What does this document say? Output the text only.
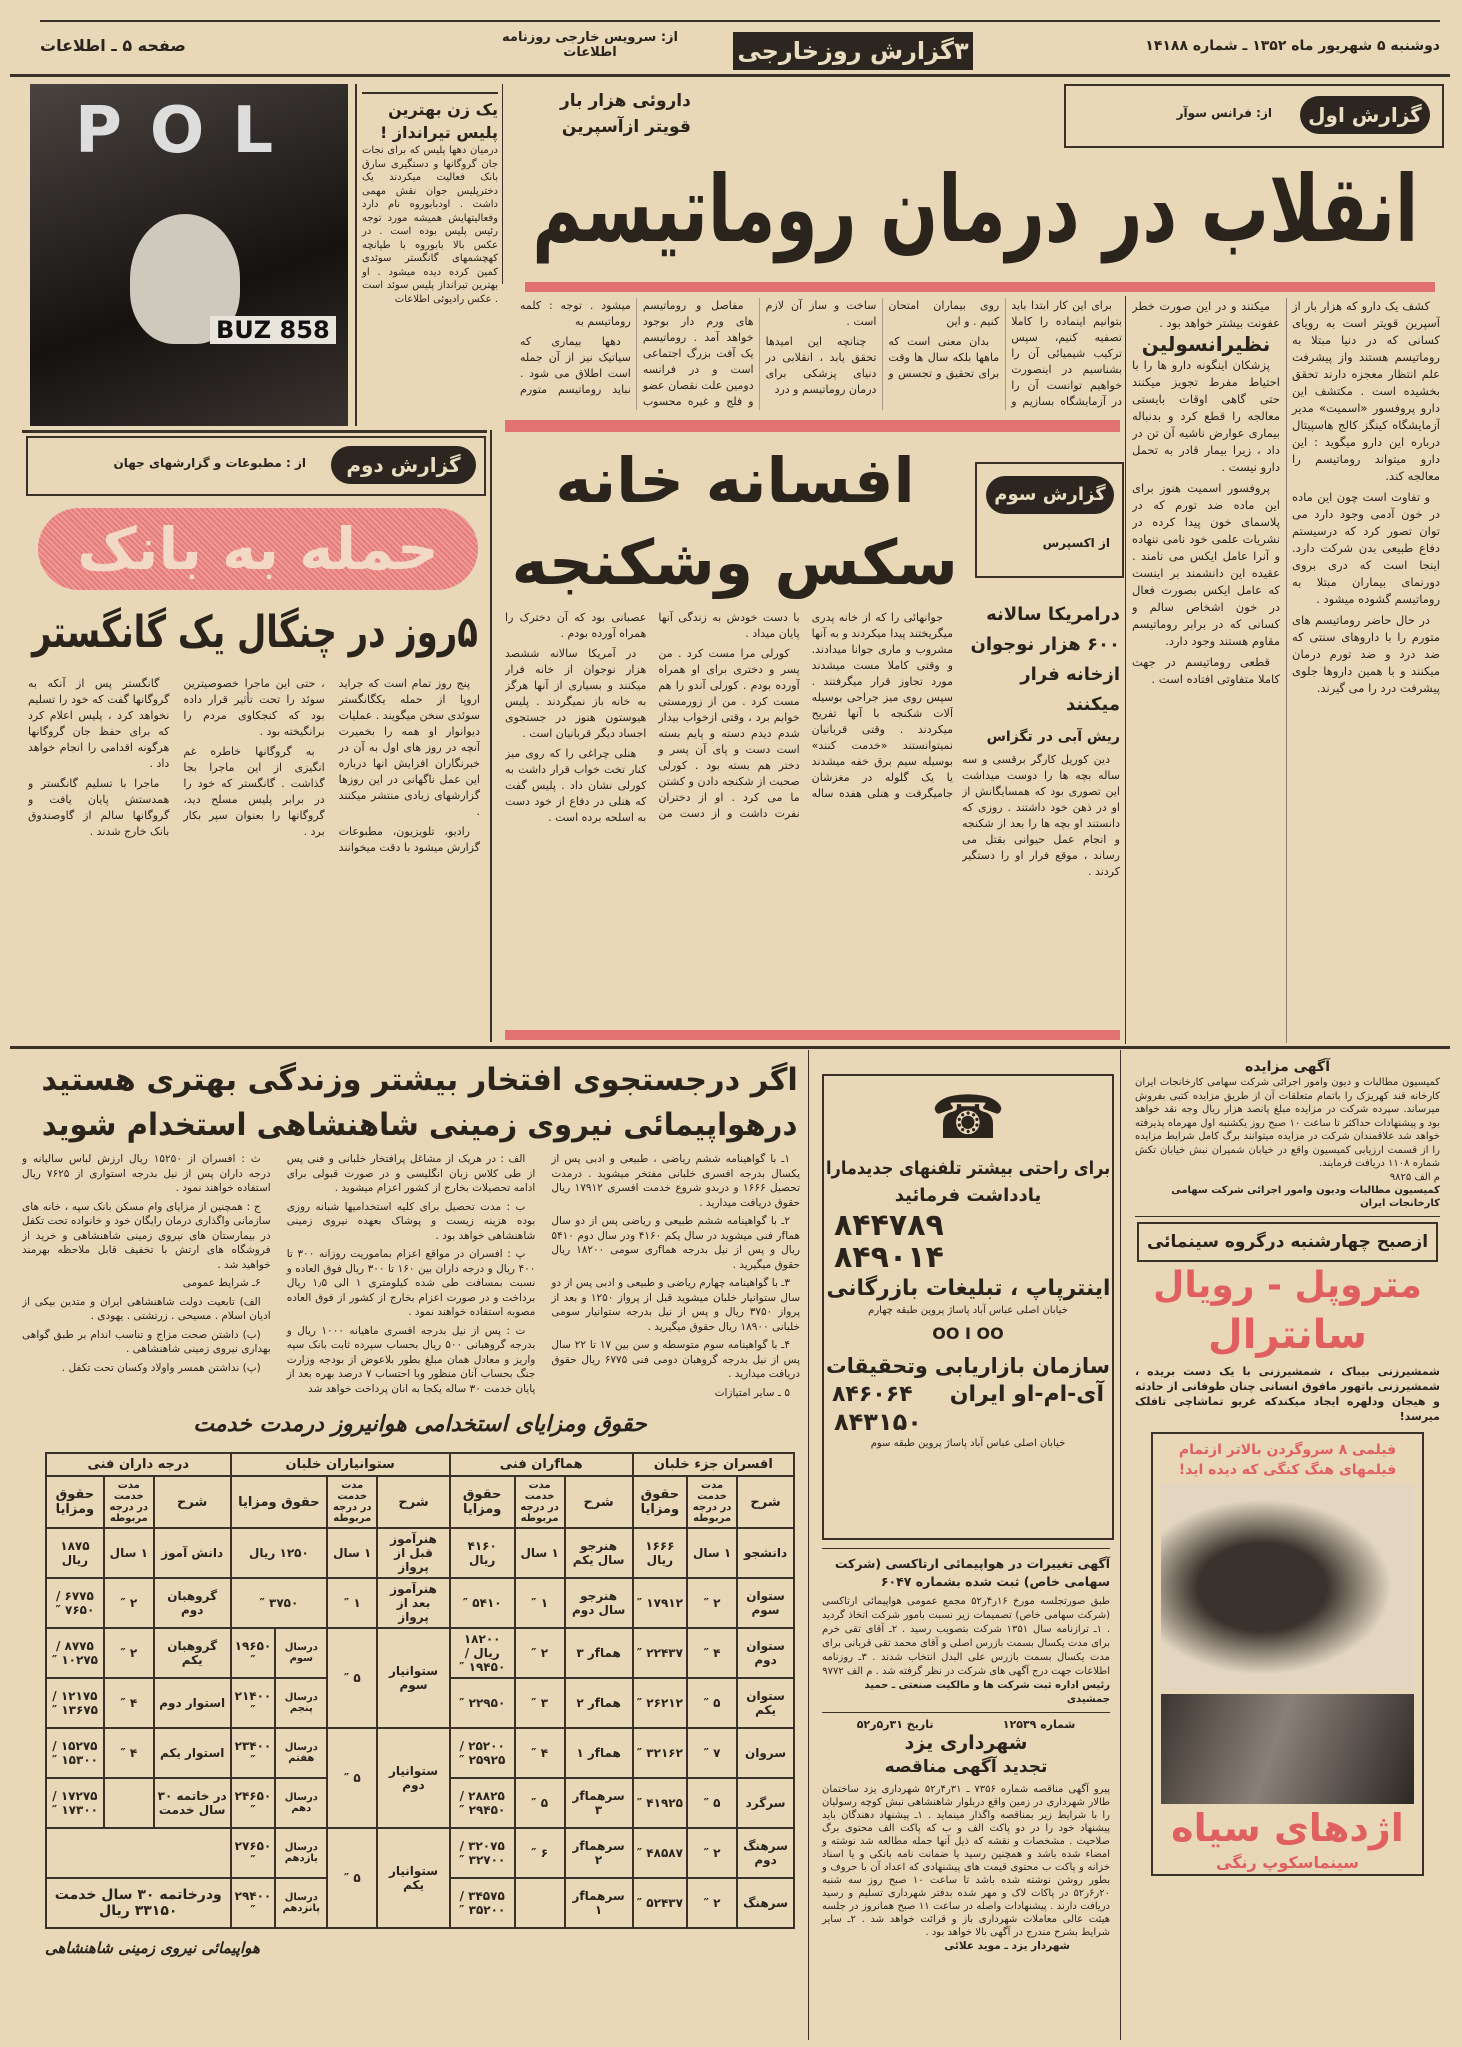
دوشنبه ۵ شهریور ماه ۱۳۵۲ ـ شماره ۱۴۱۸۸
۳گزارش روزخارجی
از: سرویس خارجی روزنامه
اطلاعات
صفحه ۵ ـ اطلاعات
POL
BUZ 858
یک زن بهترین پلیس تیرانداز !
درمیان دهها پلیس که برای نجات جان گروگانها و دستگیری سارق بانک فعالیت میکردند یک دخترپلیس جوان نقش مهمی داشت . اودبابوروه نام دارد وفعالیتهایش همیشه مورد توجه رئیس پلیس بوده است . در عکس بالا بابوروه با طپانچه کهچشمهای گانگستر سوئدی کمین کرده دیده میشود . او بهترین تیرانداز پلیس سوئد است . عکس رادیوئی اطلاعات
داروئی هزار بار
قویتر ازآسپرین	گزارش اول
از: فرانس سوآر
انقلاب در درمان روماتیسم

برای این کار ابتدا باید بتوانیم اینماده را کاملا تصفیه کنیم، سپس ترکیب شیمیائی آن را بشناسیم در اینصورت خواهیم توانست آن را در آزمایشگاه بسازیم و روی بیماران امتحان کنیم . و این

بدان معنی است که ماهها بلکه سال ها وقت برای تحقیق و تجسس و ساخت و ساز آن لازم است .

چنانچه این امیدها تحقق یابد ، انقلابی در دنیای پزشکی برای درمان روماتیسم و درد

مفاصل و روماتیسم های ورم دار بوجود خواهد آمد . روماتیسم یک آفت بزرگ اجتماعی است و در فرانسه دومین علت نقصان عضو و فلج و غیره محسوب میشود . توجه : کلمه روماتیسم به

دهها بیماری که سیاتیک نیز از آن جمله است اطلاق می شود . نباید روماتیسم متورم

کشف یک دارو که هزار بار از آسپرین قویتر است به رویای کسانی که در دنیا مبتلا به روماتیسم هستند واز پیشرفت علم انتظار معجزه دارند تحقق بخشیده است . مکتشف این دارو پروفسور «اسمیت» مدیر آزمایشگاه کینگز کالج هاسپیتال درباره این دارو میگوید : این دارو میتواند روماتیسم را معالجه کند.

و تفاوت است چون این ماده در خون آدمی وجود دارد می توان تصور کرد که درسیستم دفاع طبیعی بدن شرکت دارد. اینجا است که دری بروی دورنمای بیماران مبتلا به روماتیسم گشوده میشود .

در حال حاضر روماتیسم های متورم را با داروهای سنتی که ضد درد و ضد تورم درمان میکنند و با همین داروها جلوی پیشرفت درد را می گیرند.

میکنند و در این صورت خطر عفونت بیشتر خواهد بود .

نظیرانسولین

پزشکان اینگونه دارو ها را با احتیاط مفرط تجویز میکنند حتی گاهی اوقات بایستی معالجه را قطع کرد و بدنباله بیماری عوارض ناشیه آن تن در داد ، زیرا بیمار قادر به تحمل دارو نیست .

پروفسور اسمیت هنوز برای این ماده ضد تورم که در پلاسمای خون پیدا کرده در نشریات علمی خود نامی ننهاده و آنرا عامل ایکس می نامند . عقیده این دانشمند بر اینست که عامل ایکس بصورت فعال در خون اشخاص سالم و کسانی که در برابر روماتیسم مقاوم هستند وجود دارد.

قطعی روماتیسم در جهت کاملا متفاوتی افتاده است .

گزارش دوم
از : مطبوعات و گزارشهای جهان
حمله به بانک
۵روز در چنگال یک گانگستر

پنج روز تمام است که جراید اروپا از حمله یکگانگستر سوئدی سخن میگویند . عملیات دیوانوار او همه را بخمیرت آنچه در روز های اول به آن در خبرنگاران افزایش انها درباره این عمل ناگهانی در این روزها گزارشهای زیادی منتشر میکنند .

رادیو، تلویزیون، مطبوعات گزارش میشود با دقت میخوانند ، حتی این ماجرا خصوصیترین سوئد را تحت تأثیر قرار داده بود که کنجکاوی مردم را برانگیخته بود .

به گروگانها خاطره غم انگیزی از این ماجرا بجا گذاشت . گانگستر که خود را در برابر پلیس مسلح دید، گروگانها را بعنوان سپر بکار برد .

گانگستر پس از آنکه به گروگانها گفت که خود را تسلیم نخواهد کرد ، پلیس اعلام کرد که برای حفظ جان گروگانها هرگونه اقدامی را انجام خواهد داد .

ماجرا با تسلیم گانگستر و همدستش پایان یافت و گروگانها سالم از گاوصندوق بانک خارج شدند .

افسانه خانه
سکس وشکنجه
گزارش سوم
از اکسپرس
درامریکا سالانه ۶۰۰ هزار نوجوان ازخانه فرار میکنند
ریش آبی در تگزاس

دین کوریل کارگر برقسی و سه ساله بچه ها را دوست میداشت این تصوری بود که همسایگانش از او در ذهن خود داشتند . روزی که دانستند او بچه ها را بعد از شکنجه و انجام عمل حیوانی بقتل می رساند ، موقع فرار او را دستگیر کردند .

جوانهائی را که از خانه پدری میگریختند پیدا میکردند و به آنها مشروب و ماری جوانا میدادند. و وقتی کاملا مست میشدند مورد تجاوز قرار میگرفتند . سپس روی میز جراحی بوسیله آلات شکنجه با آنها تفریح میکردند . وقتی قربانیان نمیتوانستند «خدمت کنند» بوسیله سیم برق خفه میشدند یا یک گلوله در مغزشان جامیگرفت و هنلی هفده ساله با دست خودش به زندگی آنها پایان میداد .

کورلی مرا مست کرد . من پسر و دختری برای او همراه آورده بودم . کورلی آندو را هم مست کرد . من از زورمستی خوابم برد ، وقتی ازخواب بیدار شدم دیدم دسته و پایم بسته است دست و پای آن پسر و دختر هم بسته بود . کورلی صحبت از شکنجه دادن و کشتن ما می کرد . او از دختران نفرت داشت و از دست من عصبانی بود که آن دخترک را همراه آورده بودم .

در آمریکا سالانه ششصد هزار نوجوان از خانه فرار میکنند و بسیاری از آنها هرگز به خانه باز نمیگردند . پلیس هیوستون هنوز در جستجوی اجساد دیگر قربانیان است .

هنلی چراغی را که روی میز کنار تخت خواب قرار داشت به کورلی نشان داد . پلیس گفت که هنلی در دفاع از خود دست به اسلحه برده است .

اگر درجستجوی افتخار بیشتر وزندگی بهتری هستید
درهواپیمائی نیروی زمینی شاهنشاهی استخدام شوید

۱ـ با گواهینامه ششم ریاضی ، طبیعی و ادبی پس از یکسال بدرجه افسری خلبانی مفتخر میشوید . درمدت تحصیل ۱۶۶۶ و دربدو شروع خدمت افسری ۱۷۹۱۲ ریال حقوق دریافت میدارید .

۲ـ با گواهینامه ششم طبیعی و ریاضی پس از دو سال هماfر فنی میشوید در سال یکم ۴۱۶۰ ودر سال دوم ۵۴۱۰ ریال و پس از نیل بدرجه هماfری سومی ۱۸۲۰۰ ریال حقوق میگیرید .

۳ـ با گواهینامه چهارم ریاضی و طبیعی و ادبی پس از دو سال ستوانیار خلبان میشوید قبل از پرواز ۱۲۵۰ و بعد از پرواز ۳۷۵۰ ریال و پس از نیل بدرجه ستوانیار سومی خلبانی ۱۸۹۰۰ ریال حقوق میگیرید .

۴ـ با گواهینامه سوم متوسطه و سن بین ۱۷ تا ۲۲ سال پس از نیل بدرجه گروهبان دومی فنی ۶۷۷۵ ریال حقوق دریافت میدارید .

۵ ـ سایر امتیازات

الف : در هریک از مشاغل پرافتخار خلبانی و فنی پس از طی کلاس زبان انگلیسی و در صورت قبولی برای ادامه تحصیلات بخارج از کشور اعزام میشوید .

ب : مدت تحصیل برای کلیه استخدامیها شبانه روزی بوده هزینه زیست و پوشاک بعهده نیروی زمینی شاهنشاهی خواهد بود .

پ : افسران در مواقع اعزام بماموریت روزانه ۳۰۰ تا ۴۰۰ ریال و درجه داران بین ۱۶۰ تا ۳۰۰ ریال فوق العاده و نسبت بمسافت طی شده کیلومتری ۱ الی ۱٫۵ ریال برداخت و در صورت اعزام بخارج از کشور از فوق العاده مصوبه استفاده خواهند نمود .

ت : پس از نیل بدرجه افسری ماهیانه ۱۰۰۰ ریال و بدرجه گروهبانی ۵۰۰ ریال بحساب سپرده ثابت بانک سپه واریز و معادل همان مبلغ بطور بلاعوض از بودجه وزارت جنگ بحساب آنان منظور وبا احتساب ۷ درصد بهره بعد از پایان خدمت ۳۰ ساله یکجا به انان پرداخت خواهد شد

ث : افسران از ۱۵۲۵۰ ریال ارزش لباس سالیانه و درجه داران پس از نیل بدرجه استواری از ۷۶۲۵ ریال استفاده خواهند نمود .

ج : همچنین از مزایای وام مسکن بانک سپه ، خانه های سازمانی واگذاری درمان رایگان خود و خانواده تحت تکفل در بیمارستان های نیروی زمینی شاهنشاهی و خرید از فروشگاه های ارتش با تخفیف قابل ملاحظه بهرمند خواهید شد .

۶ـ شرایط عمومی

الف) تابعیت دولت شاهنشاهی ایران و متدین بیکی از ادیان اسلام . مسیحی . زرتشتی . یهودی .

(ب) داشتن صحت مزاج و تناسب اندام بر طبق گواهی بهداری نیروی زمینی شاهنشاهی .

(پ) نداشتن همسر واولاد وکسان تحت تکفل .

حقوق ومزایای استخدامی هوانیروز درمدت خدمت
افسران جزء خلبان			هماfران فنی			ستوانیاران خلبان				درجه داران فنی		
شرح	مدت خدمت در درجه مربوطه	حقوق ومزایا	شرح	مدت خدمت در درجه مربوطه	حقوق ومزایا	شرح	مدت خدمت در درجه مربوطه	حقوق ومزایا		شرح	مدت خدمت در درجه مربوطه	حقوق ومزایا
دانشجو	۱ سال	۱۶۶۶ ریال	هنرجو سال یکم	۱ سال	۴۱۶۰ ریال	هنرآموز قبل از پرواز	۱ سال	۱۲۵۰ ریال		دانش آموز	۱ سال	۱۸۷۵ ریال
ستوان سوم	۲ ″	۱۷۹۱۲ ″	هنرجو سال دوم	۱ ″	۵۴۱۰ ″	هنرآموز بعد از پرواز	۱ ″	۳۷۵۰ ″		گروهبان دوم	۲ ″	۶۷۷۵ / ۷۶۵۰ ″
ستوان دوم	۴ ″	۲۲۴۳۷ ″	هماfر ۳	۲ ″	۱۸۲۰۰ ریال / ۱۹۴۵۰ ″	ستوانیار سوم	۵ ″	درسال سوم	۱۹۶۵۰ ″	گروهبان یکم	۲ ″	۸۷۷۵ / ۱۰۲۷۵ ″
ستوان یکم	۵ ″	۲۶۲۱۲ ″	هماfر ۲	۳ ″	۲۲۹۵۰ ″			درسال پنجم	۲۱۴۰۰ ″	استوار دوم	۴ ″	۱۲۱۷۵ / ۱۳۶۷۵ ″
سروان	۷ ″	۳۲۱۶۲ ″	هماfر ۱	۴ ″	۲۵۲۰۰ / ۲۵۹۲۵ ″	ستوانیار دوم	۵ ″	درسال هفتم	۲۳۴۰۰ ″	استوار یکم	۴ ″	۱۵۲۷۵ / ۱۵۳۰۰ ″
سرگرد	۵ ″	۴۱۹۲۵ ″	سرهماfر ۳	۵ ″	۲۸۸۲۵ / ۲۹۴۵۰ ″			درسال دهم	۲۴۶۵۰ ″	در خاتمه ۳۰ سال خدمت		۱۷۲۷۵ / ۱۷۳۰۰ ″
سرهنگ دوم	۲ ″	۴۸۵۸۷ ″	سرهماfر ۲	۶ ″	۳۲۰۷۵ / ۳۲۷۰۰ ″	ستوانیار یکم	۵ ″	درسال یازدهم	۲۷۶۵۰ ″			
سرهنگ	۲ ″	۵۲۴۳۷ ″	سرهماfر ۱		۳۴۵۷۵ / ۳۵۲۰۰ ″			درسال پانزدهم	۲۹۴۰۰ ″	ودرخاتمه ۳۰ سال خدمت ۳۳۱۵۰ ریال		
هواپیمائی نیروی زمینی شاهنشاهی
☎
برای راحتی بیشتر تلفنهای جدیدمارا
یادداشت فرمائید
۸۴۴۷۸۹
۸۴۹۰۱۴
اینترپاپ ، تبلیغات بازرگانی
خیابان اصلی عباس آباد پاساژ پروین طبقه چهارم
OO I OO
سازمان بازاریابی وتحقیقات
آی-ام-او ایران
۸۴۶۰۶۴
۸۴۳۱۵۰
خیابان اصلی عباس آباد پاساژ پروین طبقه سوم
آگهی تغییرات در هواپیمائی ارتاکسی (شرکت سهامی خاص) ثبت شده بشماره ۶۰۴۷
طبق صورتجلسه مورخ ۱۶ر۴ر۵۲ مجمع عمومی هواپیمائی ارتاکسی (شرکت سهامی خاص) تصمیمات زیر نسبت بامور شرکت اتخاذ گردید . ۱ـ ترازنامه سال ۱۳۵۱ شرکت بتصویب رسید . ۲ـ آقای تقی خرم برای مدت یکسال بسمت بازرس اصلی و آقای محمد تقی قربانی برای مدت یکسال بسمت بازرس علی البدل انتخاب شدند . ۳ـ روزنامه اطلاعات جهت درج آگهی های شرکت در نظر گرفته شد . م الف ۹۷۷۲
رئیس اداره ثبت شرکت ها و مالکیت صنعتی ـ حمید جمشیدی
شماره ۱۲۵۳۹
تاریخ ۳۱ر۵ر۵۲
شهرداری یزد
تجدید آگهی مناقصه
پیرو آگهی مناقصه شماره ۷۳۵۶ ـ ۳۱ر۴ر۵۲ شهرداری یزد ساختمان طالار شهرداری در زمین واقع دربلوار شاهنشاهی نبش کوچه رسولیان را با شرایط زیر بمناقصه واگذار مینماید . ۱ـ پیشنهاد دهندگان باید پیشنهاد خود را در دو پاکت الف و ب که پاکت الف محتوی برگ صلاحیت . مشخصات و نقشه که ذیل آنها جمله مطالعه شد نوشته و امضاء شده باشد و همچنین رسید یا ضمانت نامه بانکی و یا اسناد خزانه و پاکت ب محتوی قیمت های پیشنهادی که اعداد آن با حروف و بطور روشن نوشته شده باشد تا ساعت ۱۰ صبح روز سه شنبه ۲۰ر۶ر۵۲ در پاکات لاک و مهر شده بدفتر شهرداری تسلیم و رسید دریافت دارند . پیشنهادات واصله در ساعت ۱۱ صبح همانروز در جلسه هیئت عالی معاملات شهرداری باز و قرائت خواهد شد . ۲ـ سایر شرایط بشرح مندرج در آگهی بالا خواهد بود .
شهردار یزد ـ موید علائی
آگهی مزایده
کمیسیون مطالبات و دیون وامور اجرائی شرکت سهامی کارخانجات ایران کارخانه قند کهریزک را باتمام متعلقات آن از طریق مزایده کتبی بفروش میرساند. سپرده شرکت در مزایده مبلغ پانصد هزار ریال وجه نقد خواهد بود و پیشنهادات حداکثر تا ساعت ۱۰ صبح روز یکشنبه اول مهرماه پذیرفته خواهد شد علاقمندان شرکت در مزایده میتوانند برگ کامل شرایط مزایده را از قسمت ارزیابی کمیسیون واقع در خیابان شمیران نبش خیابان تکش شماره ۱۱۰۸ دریافت فرمایند.
م الف ۹۸۲۵
کمیسیون مطالبات ودیون وامور اجرائی شرکت سهامی کارخانجات ایران
ازصبح چهارشنبه درگروه سینمائی
متروپل - رویال
سانترال
شمشیرزنی بیباک ، شمشیرزنی با یک دست بریده ، شمشیرزنی باتهور مافوق انسانی چنان طوفانی از حادثه و هیجان ودلهره ایجاد میکندکه غریو تماشاچی تافلک میرسد!
فیلمی ۸ سروگردن بالاتر ازتمام فیلمهای هنگ کنگی که دیده اید!
اژدهای سیاه
سینماسکوپ رنگی
